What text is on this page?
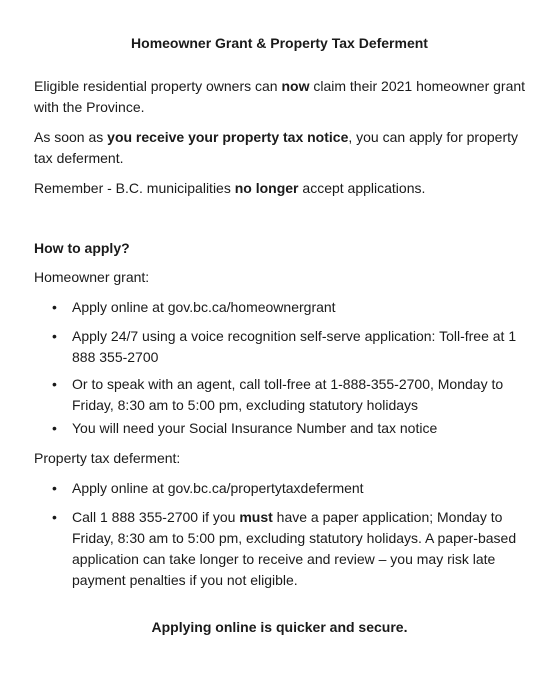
Homeowner Grant & Property Tax Deferment
Eligible residential property owners can now claim their 2021 homeowner grant with the Province.
As soon as you receive your property tax notice, you can apply for property tax deferment.
Remember - B.C. municipalities no longer accept applications.
How to apply?
Homeowner grant:
•	Apply online at gov.bc.ca/homeownergrant
•	Apply 24/7 using a voice recognition self-serve application: Toll-free at 1 888 355-2700
•	Or to speak with an agent, call toll-free at 1-888-355-2700, Monday to Friday, 8:30 am to 5:00 pm, excluding statutory holidays
•	You will need your Social Insurance Number and tax notice
Property tax deferment:
•	Apply online at gov.bc.ca/propertytaxdeferment
•	Call 1 888 355-2700 if you must have a paper application; Monday to Friday, 8:30 am to 5:00 pm, excluding statutory holidays. A paper-based application can take longer to receive and review – you may risk late payment penalties if you not eligible.
Applying online is quicker and secure.
